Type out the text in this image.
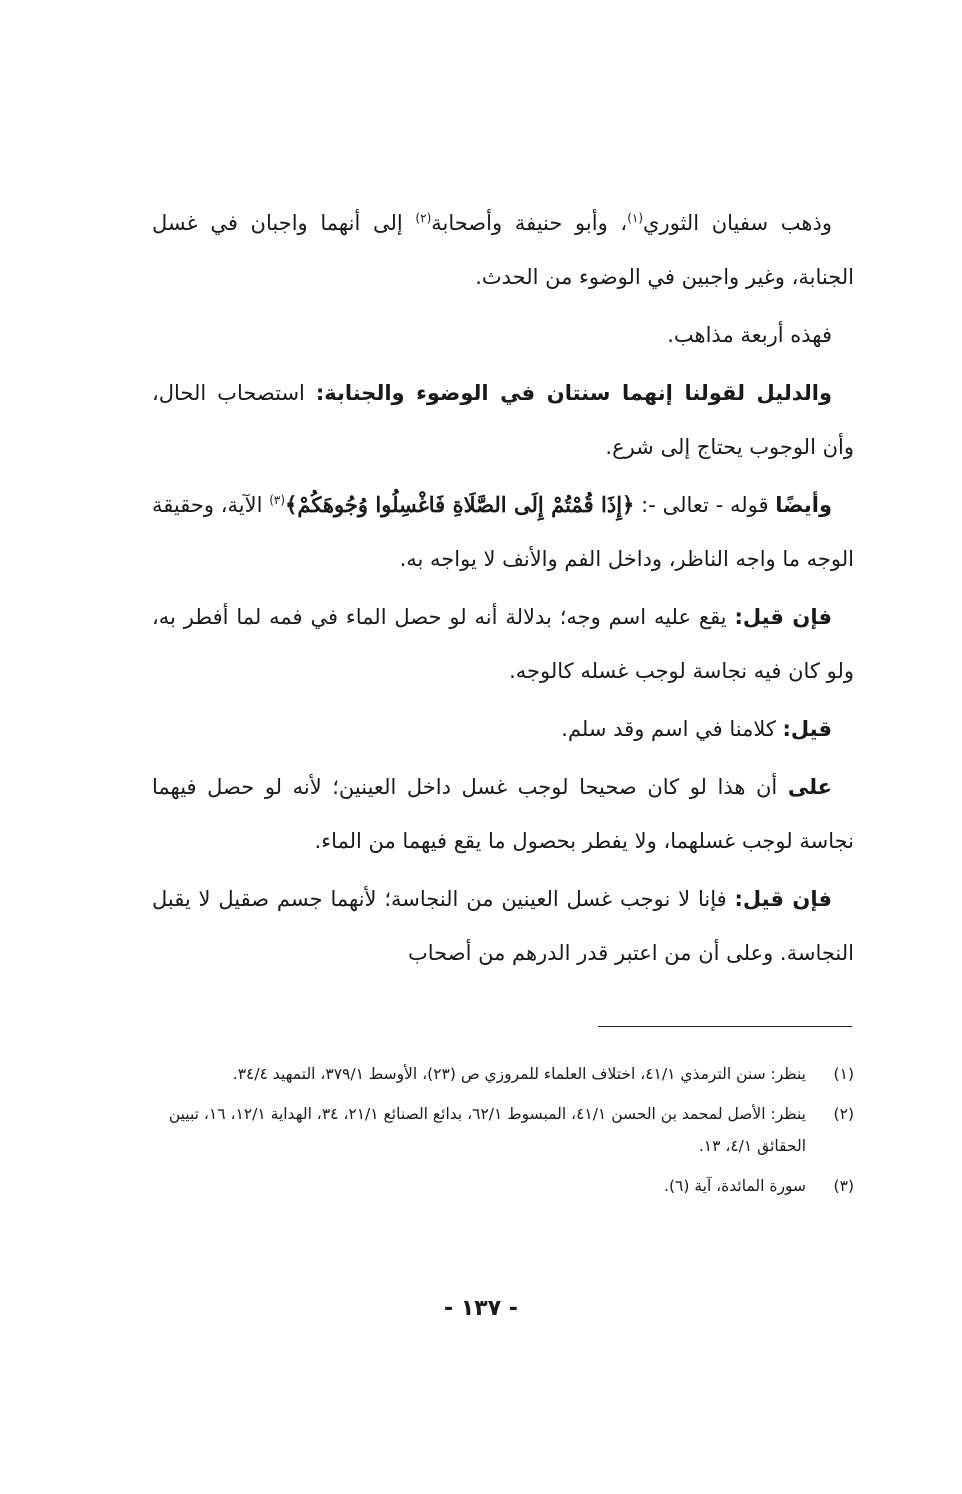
وذهب سفيان الثوري$^{(١)}$، وأبو حنيفة وأصحابة$^{(٢)}$ إلى أنهما واجبان في غسل الجنابة، وغير واجبين في الوضوء من الحدث.

فهذه أربعة مذاهب.

والدليل لقولنا إنهما سنتان في الوضوء والجنابة: استصحاب الحال، وأن الوجوب يحتاج إلى شرع.

وأيضًا قوله - تعالى -: ﴿إِذَا قُمْتُمْ إِلَى الصَّلَاةِ فَاغْسِلُوا وُجُوهَكُمْ﴾$^{(٣)}$ الآية، وحقيقة الوجه ما واجه الناظر، وداخل الفم والأنف لا يواجه به.

فإن قيل: يقع عليه اسم وجه؛ بدلالة أنه لو حصل الماء في فمه لما أفطر به، ولو كان فيه نجاسة لوجب غسله كالوجه.

قيل: كلامنا في اسم وقد سلم.

على أن هذا لو كان صحيحا لوجب غسل داخل العينين؛ لأنه لو حصل فيهما نجاسة لوجب غسلهما، ولا يفطر بحصول ما يقع فيهما من الماء.

فإن قيل: فإنا لا نوجب غسل العينين من النجاسة؛ لأنهما جسم صقيل لا يقبل النجاسة. وعلى أن من اعتبر قدر الدرهم من أصحاب

(١)
ينظر: سنن الترمذي ٤١/١، اختلاف العلماء للمروزي ص (٢٣)، الأوسط ٣٧٩/١، التمهيد ٣٤/٤.
(٢)
ينظر: الأصل لمحمد بن الحسن ٤١/١، المبسوط ٦٢/١، بدائع الصنائع ٢١/١، ٣٤، الهداية ١٢/١، ١٦، تبيين الحقائق ٤/١، ١٣.
(٣)
سورة المائدة، آية (٦).
- ١٣٧ -
